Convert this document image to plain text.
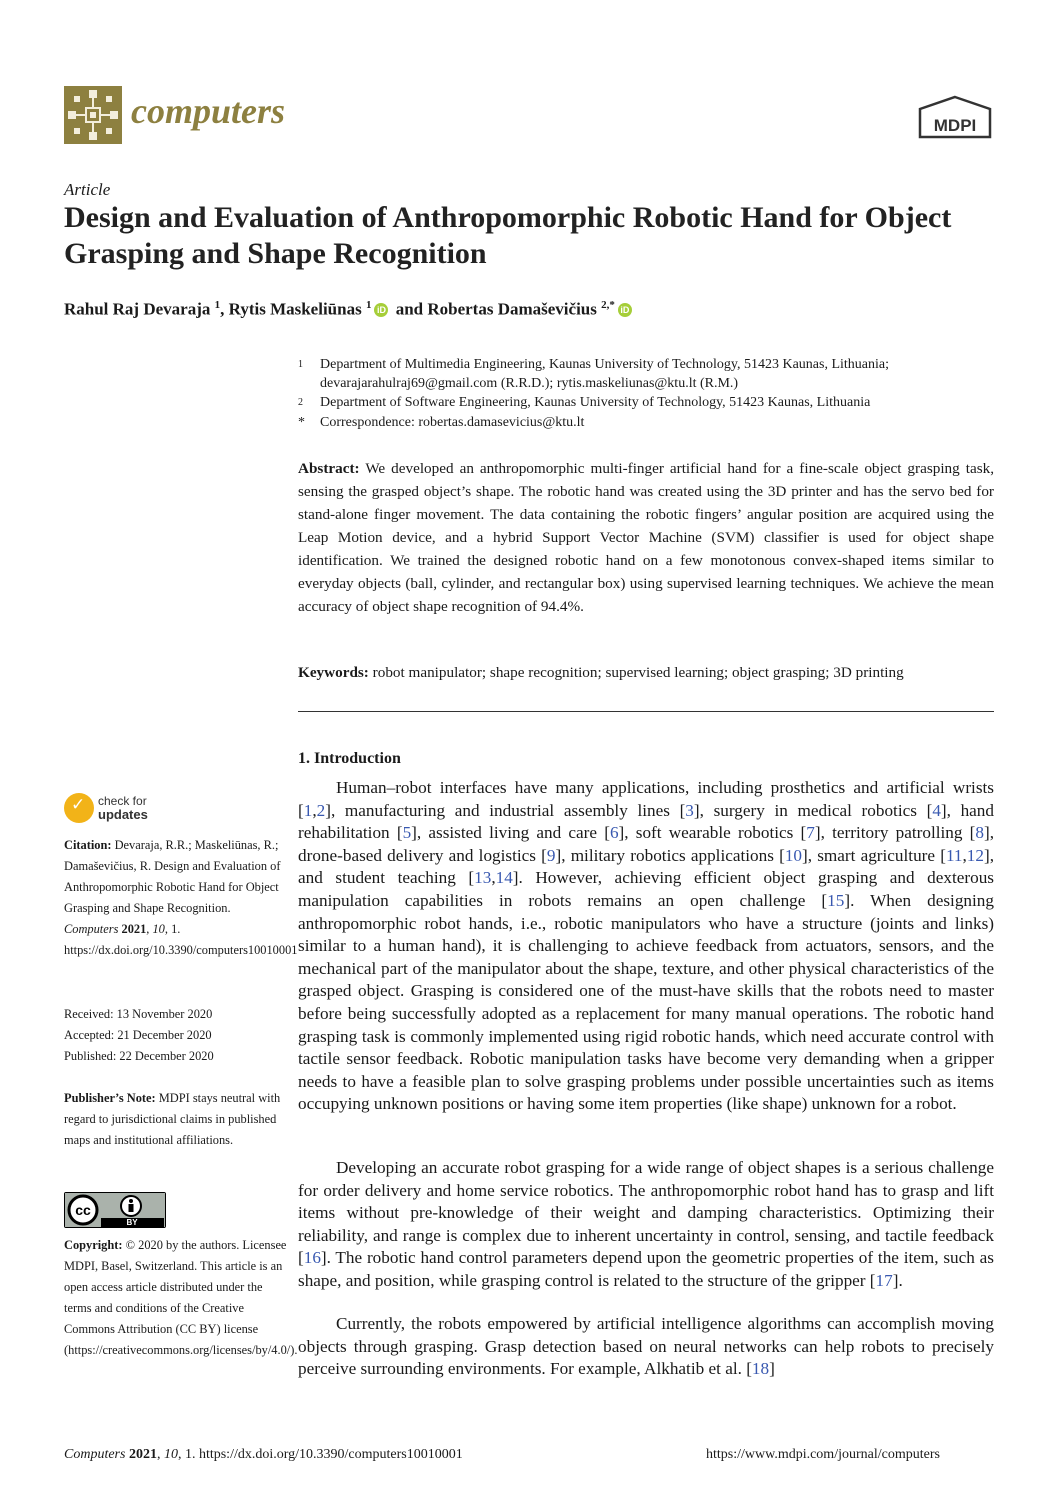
computers	MDPI
Article
Design and Evaluation of Anthropomorphic Robotic Hand for Object Grasping and Shape Recognition
Rahul Raj Devaraja $^1$, Rytis Maskeliūnas $^1$ iD and Robertas Damaševičius $^{2,*}$ iD
1 Department of Multimedia Engineering, Kaunas University of Technology, 51423 Kaunas, Lithuania;
devarajarahulraj69@gmail.com (R.R.D.); rytis.maskeliunas@ktu.lt (R.M.)
2 Department of Software Engineering, Kaunas University of Technology, 51423 Kaunas, Lithuania
* Correspondence: robertas.damasevicius@ktu.lt
Abstract: We developed an anthropomorphic multi-finger artificial hand for a fine-scale object grasping task, sensing the grasped object’s shape. The robotic hand was created using the 3D printer and has the servo bed for stand-alone finger movement. The data containing the robotic fingers’ angular position are acquired using the Leap Motion device, and a hybrid Support Vector Machine (SVM) classifier is used for object shape identification. We trained the designed robotic hand on a few monotonous convex-shaped items similar to everyday objects (ball, cylinder, and rectangular box) using supervised learning techniques. We achieve the mean accuracy of object shape recognition of 94.4%.
Keywords: robot manipulator; shape recognition; supervised learning; object grasping; 3D printing
1. Introduction
Human–robot interfaces have many applications, including prosthetics and artificial wrists [1,2], manufacturing and industrial assembly lines [3], surgery in medical robotics [4], hand rehabilitation [5], assisted living and care [6], soft wearable robotics [7], territory patrolling [8], drone-based delivery and logistics [9], military robotics applications [10], smart agriculture [11,12], and student teaching [13,14]. However, achieving efficient object grasping and dexterous manipulation capabilities in robots remains an open challenge [15]. When designing anthropomorphic robot hands, i.e., robotic manipulators who have a structure (joints and links) similar to a human hand), it is challenging to achieve feedback from actuators, sensors, and the mechanical part of the manipulator about the shape, texture, and other physical characteristics of the grasped object. Grasping is considered one of the must-have skills that the robots need to master before being successfully adopted as a replacement for many manual operations. The robotic hand grasping task is commonly implemented using rigid robotic hands, which need accurate control with tactile sensor feedback. Robotic manipulation tasks have become very demanding when a gripper needs to have a feasible plan to solve grasping problems under possible uncertainties such as items occupying unknown positions or having some item properties (like shape) unknown for a robot.
Developing an accurate robot grasping for a wide range of object shapes is a serious challenge for order delivery and home service robotics. The anthropomorphic robot hand has to grasp and lift items without pre-knowledge of their weight and damping characteristics. Optimizing their reliability, and range is complex due to inherent uncertainty in control, sensing, and tactile feedback [16]. The robotic hand control parameters depend upon the geometric properties of the item, such as shape, and position, while grasping control is related to the structure of the gripper [17].
Currently, the robots empowered by artificial intelligence algorithms can accomplish moving objects through grasping. Grasp detection based on neural networks can help robots to precisely perceive surrounding environments. For example, Alkhatib et al. [18]
✓ check for
updates
Citation: Devaraja, R.R.; Maskeliūnas, R.; Damaševičius, R. Design and Evaluation of Anthropomorphic Robotic Hand for Object Grasping and Shape Recognition. Computers 2021, 10, 1. https://dx.doi.org/10.3390/computers10010001
Received: 13 November 2020
Accepted: 21 December 2020
Published: 22 December 2020
Publisher’s Note: MDPI stays neutral with regard to jurisdictional claims in published maps and institutional affiliations.
cc
BY
Copyright: © 2020 by the authors. Licensee MDPI, Basel, Switzerland. This article is an open access article distributed under the terms and conditions of the Creative Commons Attribution (CC BY) license (https://creativecommons.org/licenses/by/4.0/).
Computers 2021, 10, 1. https://dx.doi.org/10.3390/computers10010001	https://www.mdpi.com/journal/computers
